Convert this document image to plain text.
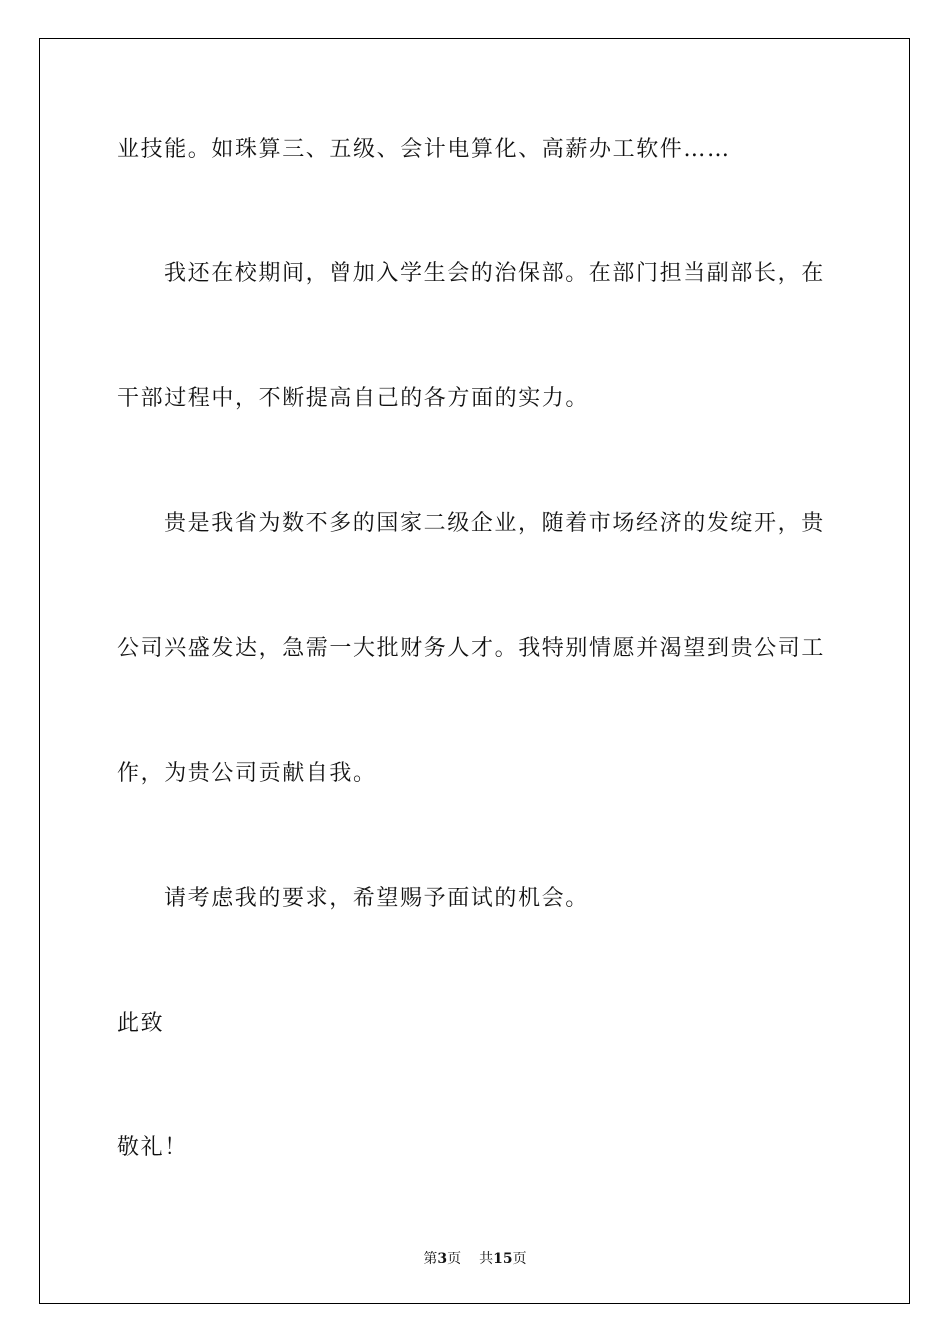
业技能。如珠算三、五级、会计电算化、高薪办工软件……
我还在校期间，曾加入学生会的治保部。在部门担当副部长，在
干部过程中，不断提高自己的各方面的实力。
贵是我省为数不多的国家二级企业，随着市场经济的发绽开，贵
公司兴盛发达，急需一大批财务人才。我特别情愿并渴望到贵公司工
作，为贵公司贡献自我。
请考虑我的要求，希望赐予面试的机会。
此致
敬礼！
第3页 共15页
